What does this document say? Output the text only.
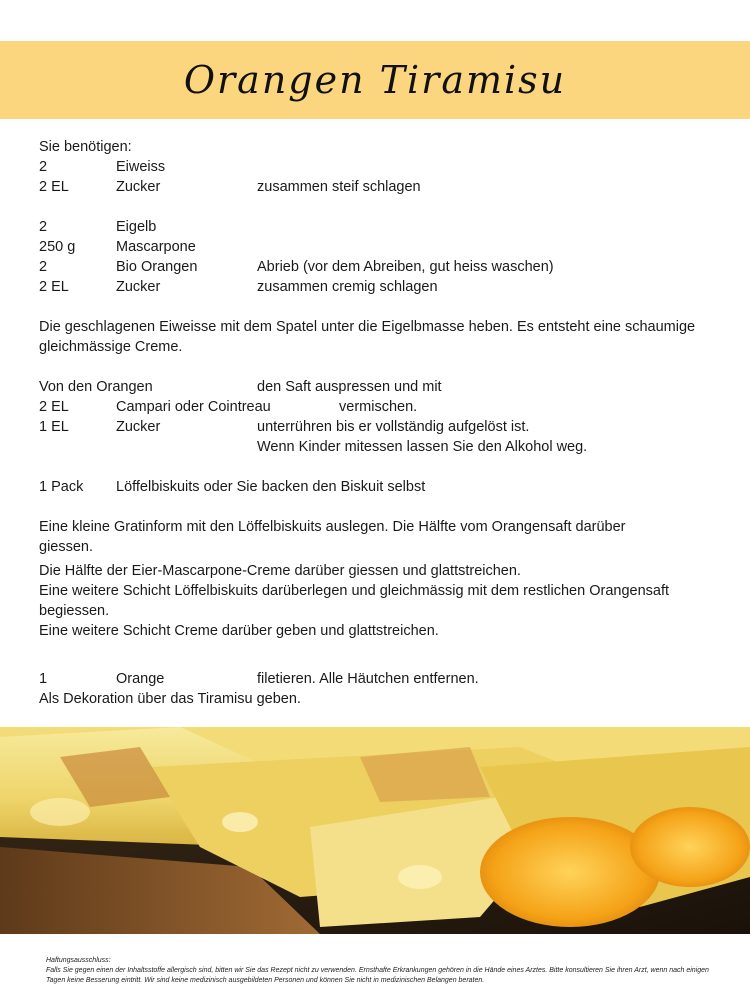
Orangen Tiramisu
Sie benötigen:
2	Eiweiss
2 EL	Zucker	zusammen steif schlagen
2	Eigelb
250 g	Mascarpone
2	Bio Orangen	Abrieb (vor dem Abreiben, gut heiss waschen)
2 EL	Zucker	zusammen cremig schlagen
Die geschlagenen Eiweisse mit dem Spatel unter die Eigelbmasse heben. Es entsteht eine schaumige gleichmässige Creme.
Von den Orangen	den Saft auspressen und mit
2 EL	Campari oder Cointreau	vermischen.
1 EL	Zucker	unterrühren bis er vollständig aufgelöst ist.
Wenn Kinder mitessen lassen Sie den Alkohol weg.
1 Pack Löffelbiskuits oder Sie backen den Biskuit selbst
Eine kleine Gratinform mit den Löffelbiskuits auslegen. Die Hälfte vom Orangensaft darüber giessen.
Die Hälfte der Eier-Mascarpone-Creme darüber giessen und glattstreichen.
Eine weitere Schicht Löffelbiskuits darüberlegen und gleichmässig mit dem restlichen Orangensaft begiessen.
Eine weitere Schicht Creme darüber geben und glattstreichen.
1	Orange	filetieren. Alle Häutchen entfernen.
Als Dekoration über das Tiramisu geben.
Haftungsausschluss:
Falls Sie gegen einen der Inhaltsstoffe allergisch sind, bitten wir Sie das Rezept nicht zu verwenden. Ernsthafte Erkrankungen gehören in die Hände eines Arztes. Bitte konsultieren Sie ihren Arzt, wenn nach einigen Tagen keine Besserung eintritt. Wir sind keine medizinisch ausgebildeten Personen und können Sie nicht in medizinischen Belangen beraten.
